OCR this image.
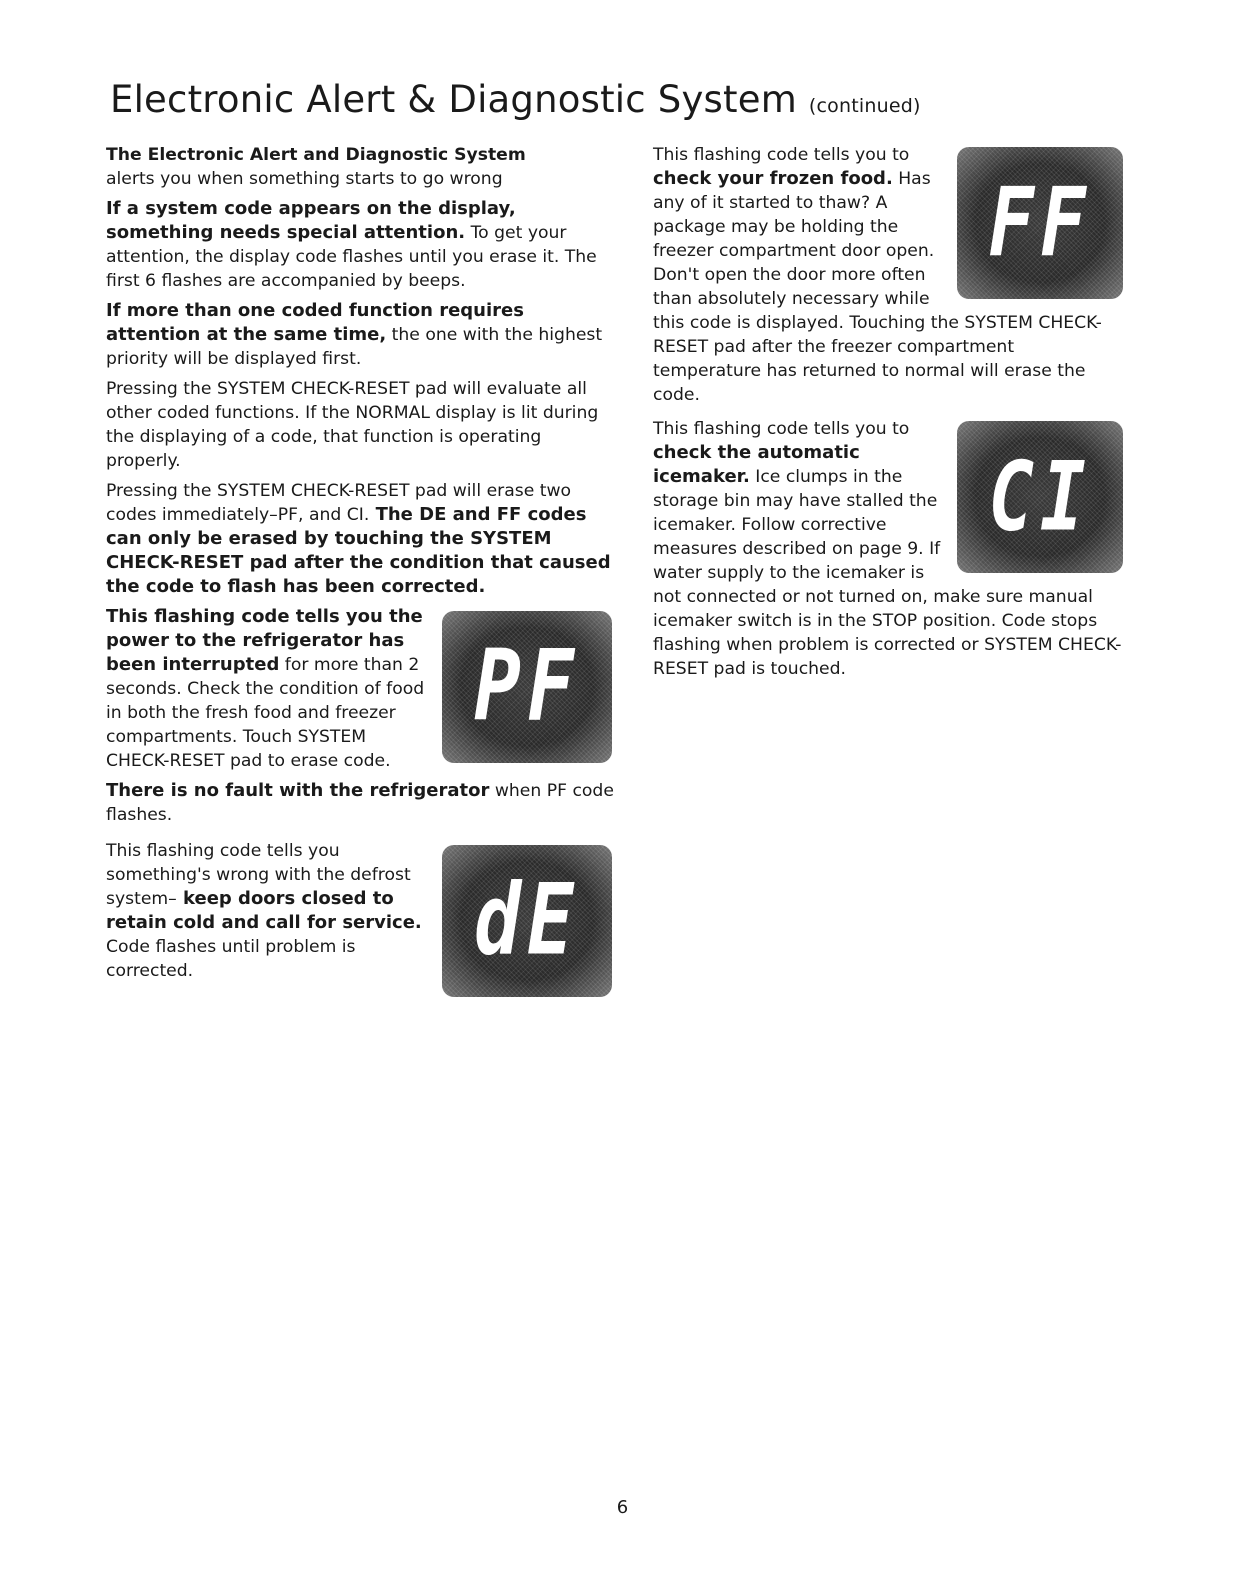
Electronic Alert & Diagnostic System (continued)

The Electronic Alert and Diagnostic System
alerts you when something starts to go wrong

If a system code appears on the display, something needs special attention. To get your attention, the display code flashes until you erase it. The first 6 flashes are accompanied by beeps.

If more than one coded function requires attention at the same time, the one with the highest priority will be displayed first.

Pressing the SYSTEM CHECK-RESET pad will evaluate all other coded functions. If the NORMAL display is lit during the displaying of a code, that function is operating properly.

Pressing the SYSTEM CHECK-RESET pad will erase two codes immediately–PF, and CI. The DE and FF codes can only be erased by touching the SYSTEM CHECK-RESET pad after the condition that caused the code to flash has been corrected.

PF

This flashing code tells you the power to the refrigerator has been interrupted for more than 2 seconds. Check the condition of food in both the fresh food and freezer compartments. Touch SYSTEM CHECK-RESET pad to erase code.

There is no fault with the refrigerator when PF code flashes.

dE

This flashing code tells you something's wrong with the defrost system– keep doors closed to retain cold and call for service. Code flashes until problem is corrected.

FF

This flashing code tells you to check your frozen food. Has any of it started to thaw? A package may be holding the freezer compartment door open. Don't open the door more often than absolutely necessary while this code is displayed. Touching the SYSTEM CHECK-RESET pad after the freezer compartment temperature has returned to normal will erase the code.

CI

This flashing code tells you to check the automatic icemaker. Ice clumps in the storage bin may have stalled the icemaker. Follow corrective measures described on page 9. If water supply to the icemaker is not connected or not turned on, make sure manual icemaker switch is in the STOP position. Code stops flashing when problem is corrected or SYSTEM CHECK-RESET pad is touched.

6
